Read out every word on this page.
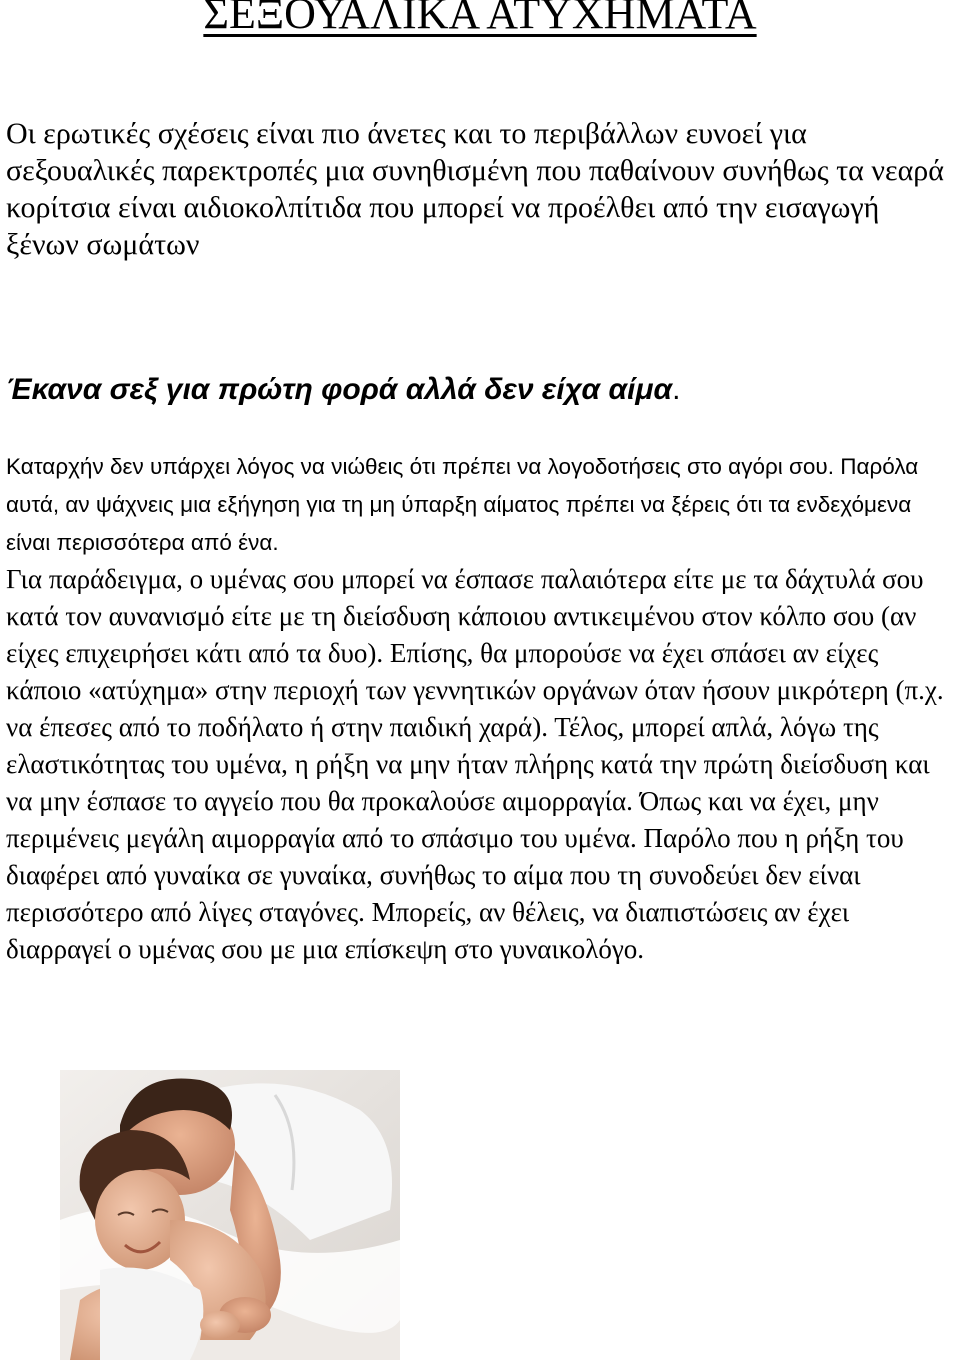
ΣΕΞΟΥΑΛΙΚΑ ΑΤΥΧΗΜΑΤΑ

Οι ερωτικές σχέσεις είναι πιο άνετες και το περιβάλλων ευνοεί για σεξουαλικές παρεκτροπές μια συνηθισμένη που παθαίνουν συνήθως τα νεαρά κορίτσια είναι αιδιοκολπίτιδα που μπορεί να προέλθει από την εισαγωγή ξένων σωμάτων

Έκανα σεξ για πρώτη φορά αλλά δεν είχα αίμα.

Καταρχήν δεν υπάρχει λόγος να νιώθεις ότι πρέπει να λογοδοτήσεις στο αγόρι σου. Παρόλα αυτά, αν ψάχνεις μια εξήγηση για τη μη ύπαρξη αίματος πρέπει να ξέρεις ότι τα ενδεχόμενα είναι περισσότερα από ένα.

Για παράδειγμα, ο υμένας σου μπορεί να έσπασε παλαιότερα είτε με τα δάχτυλά σου κατά τον αυνανισμό είτε με τη διείσδυση κάποιου αντικειμένου στον κόλπο σου (αν είχες επιχειρήσει κάτι από τα δυο). Επίσης, θα μπορούσε να έχει σπάσει αν είχες κάποιο «ατύχημα» στην περιοχή των γεννητικών οργάνων όταν ήσουν μικρότερη (π.χ. να έπεσες από το ποδήλατο ή στην παιδική χαρά). Τέλος, μπορεί απλά, λόγω της ελαστικότητας του υμένα, η ρήξη να μην ήταν πλήρης κατά την πρώτη διείσδυση και να μην έσπασε το αγγείο που θα προκαλούσε αιμορραγία. Όπως και να έχει, μην περιμένεις μεγάλη αιμορραγία από το σπάσιμο του υμένα. Παρόλο που η ρήξη του διαφέρει από γυναίκα σε γυναίκα, συνήθως το αίμα που τη συνοδεύει δεν είναι περισσότερο από λίγες σταγόνες. Μπορείς, αν θέλεις, να διαπιστώσεις αν έχει διαρραγεί ο υμένας σου με μια επίσκεψη στο γυναικολόγο.
